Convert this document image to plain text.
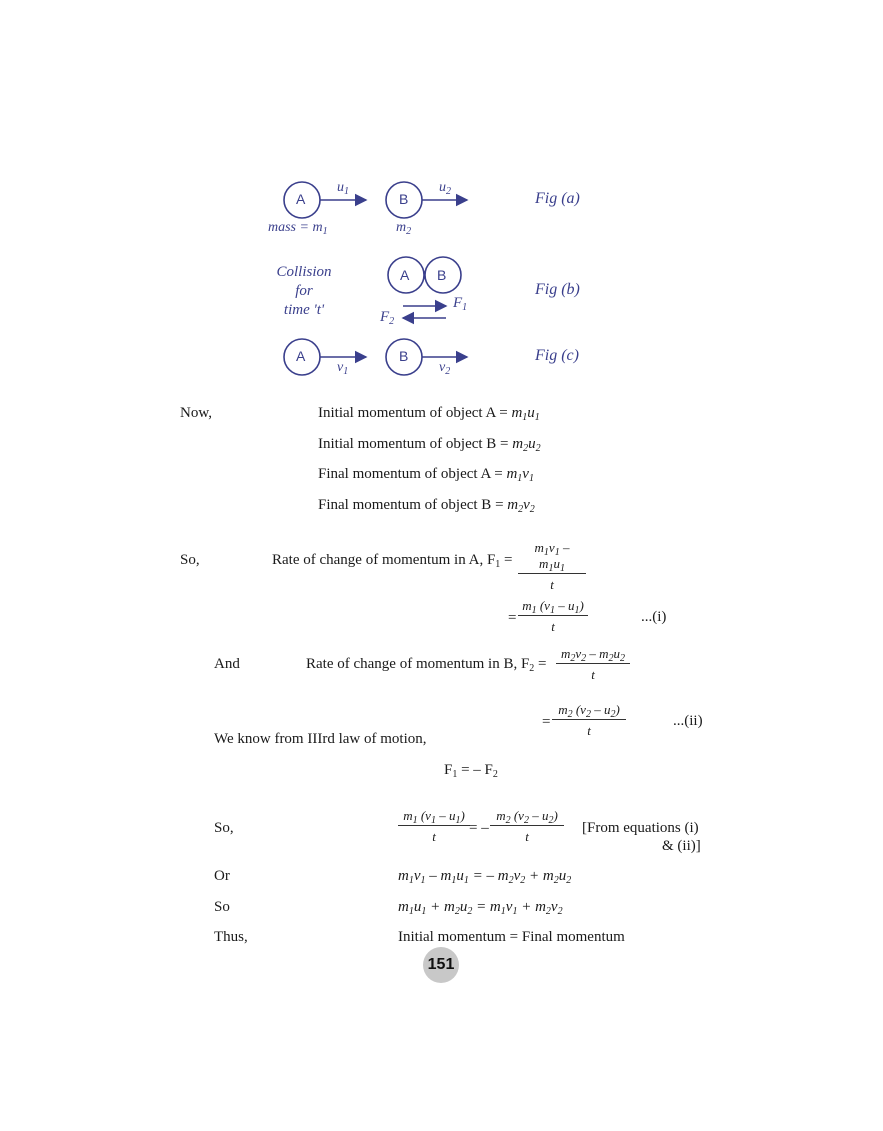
A	B
$u_1$	$u_2$
mass = $m_1$	$m_2$
Fig (a)
Collision
for
time 't'
A B
$F_1$
$F_2$
Fig (b)
A	B
$v_1$	$v_2$
Fig (c)
Now,	Initial momentum of object $A = m_1u_1$
Initial momentum of object $B = m_2u_2$
Final momentum of object $A = m_1v_1$
Final momentum of object $B = m_2v_2$
So,	Rate of change of momentum in A, $F_1 = \frac{m_1v_1 - m_1u_1}{t}$
= $\frac{m_1 (v_1 - u_1)}{t}$	...(i)
And	Rate of change of momentum in B, $F_2 = \frac{m_2v_2 - m_2u_2}{t}$
= $\frac{m_2 (v_2 - u_2)}{t}$	...(ii)
We know from IIIrd law of motion,
$F_1$ = – $F_2$
So,	$\frac{m_1 (v_1 - u_1)}{t}$ = – $\frac{m_2 (v_2 - u_2)}{t}$ [From equations (i)
& (ii)]
Or	$m_1v_1 - m_1u_1$ = – $m_2v_2 + m_2u_2$
So	$m_1u_1 + m_2u_2 = m_1v_1 + m_2v_2$
Thus,	Initial momentum = Final momentum
151
